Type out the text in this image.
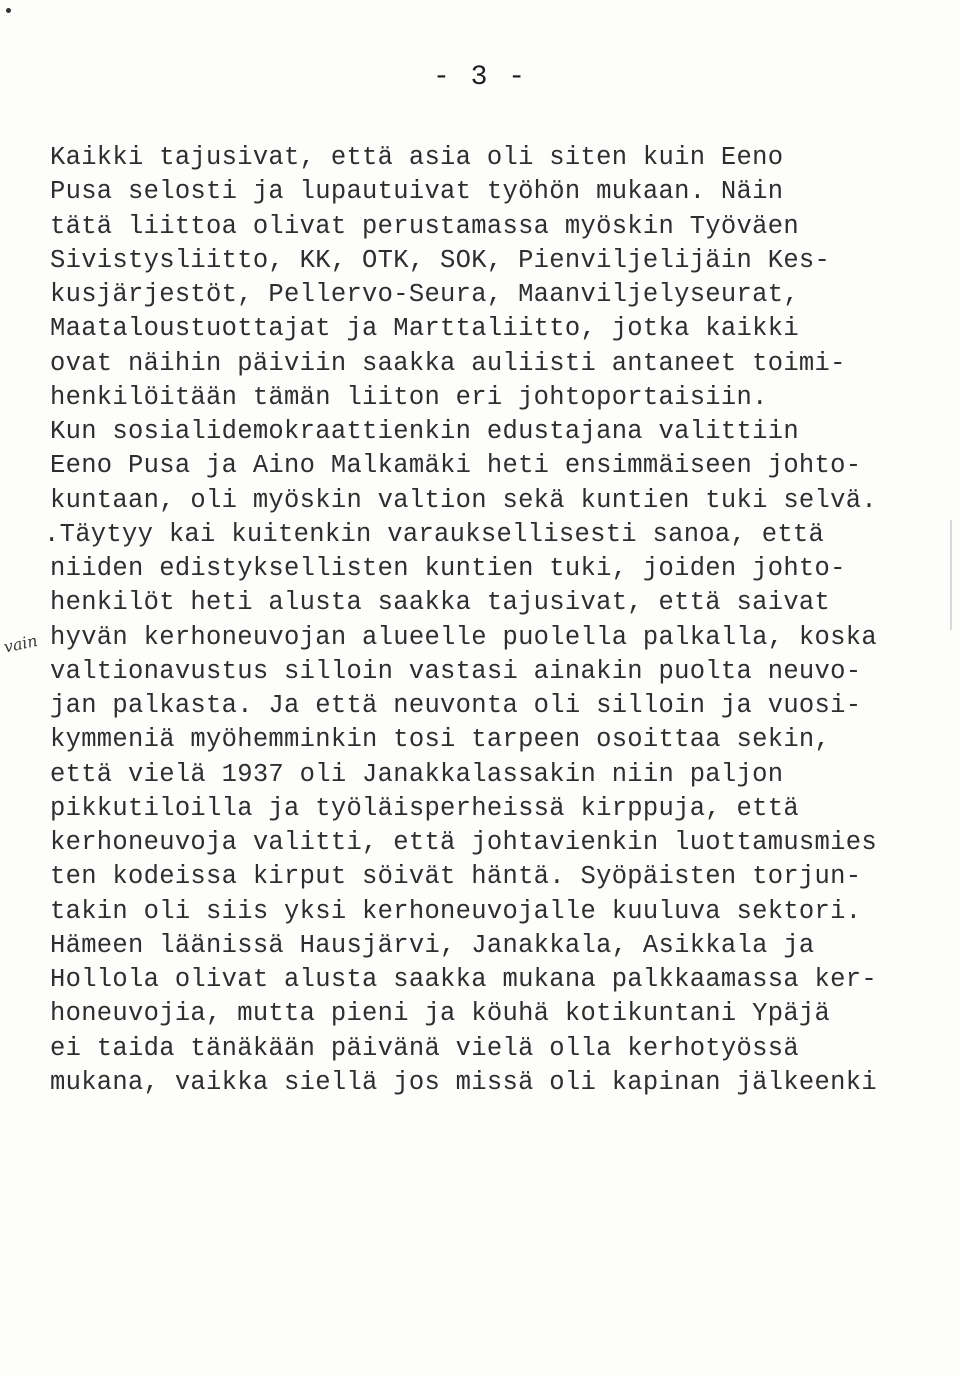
- 3 -
vain
Kaikki tajusivat, että asia oli siten kuin Eeno
Pusa selosti ja lupautuivat työhön mukaan. Näin
tätä liittoa olivat perustamassa myöskin Työväen
Sivistysliitto, KK, OTK, SOK, Pienviljelijäin Kes-
kusjärjestöt, Pellervo-Seura, Maanviljelyseurat,
Maataloustuottajat ja Marttaliitto, jotka kaikki
ovat näihin päiviin saakka auliisti antaneet toimi-
henkilöitään tämän liiton eri johtoportaisiin.
Kun sosialidemokraattienkin edustajana valittiin
Eeno Pusa ja Aino Malkamäki heti ensimmäiseen johto-
kuntaan, oli myöskin valtion sekä kuntien tuki selvä.
.Täytyy kai kuitenkin varauksellisesti sanoa, että
niiden edistyksellisten kuntien tuki, joiden johto-
henkilöt heti alusta saakka tajusivat, että saivat
hyvän kerhoneuvojan alueelle puolella palkalla, koska
valtionavustus silloin vastasi ainakin puolta neuvo-
jan palkasta. Ja että neuvonta oli silloin ja vuosi-
kymmeniä myöhemminkin tosi tarpeen osoittaa sekin,
että vielä 1937 oli Janakkalassakin niin paljon
pikkutiloilla ja työläisperheissä kirppuja, että
kerhoneuvoja valitti, että johtavienkin luottamusmies
ten kodeissa kirput söivät häntä. Syöpäisten torjun-
takin oli siis yksi kerhoneuvojalle kuuluva sektori.
Hämeen läänissä Hausjärvi, Janakkala, Asikkala ja
Hollola olivat alusta saakka mukana palkkaamassa ker-
honeuvojia, mutta pieni ja köuhä kotikuntani Ypäjä
ei taida tänäkään päivänä vielä olla kerhotyössä
mukana, vaikka siellä jos missä oli kapinan jälkeenki
